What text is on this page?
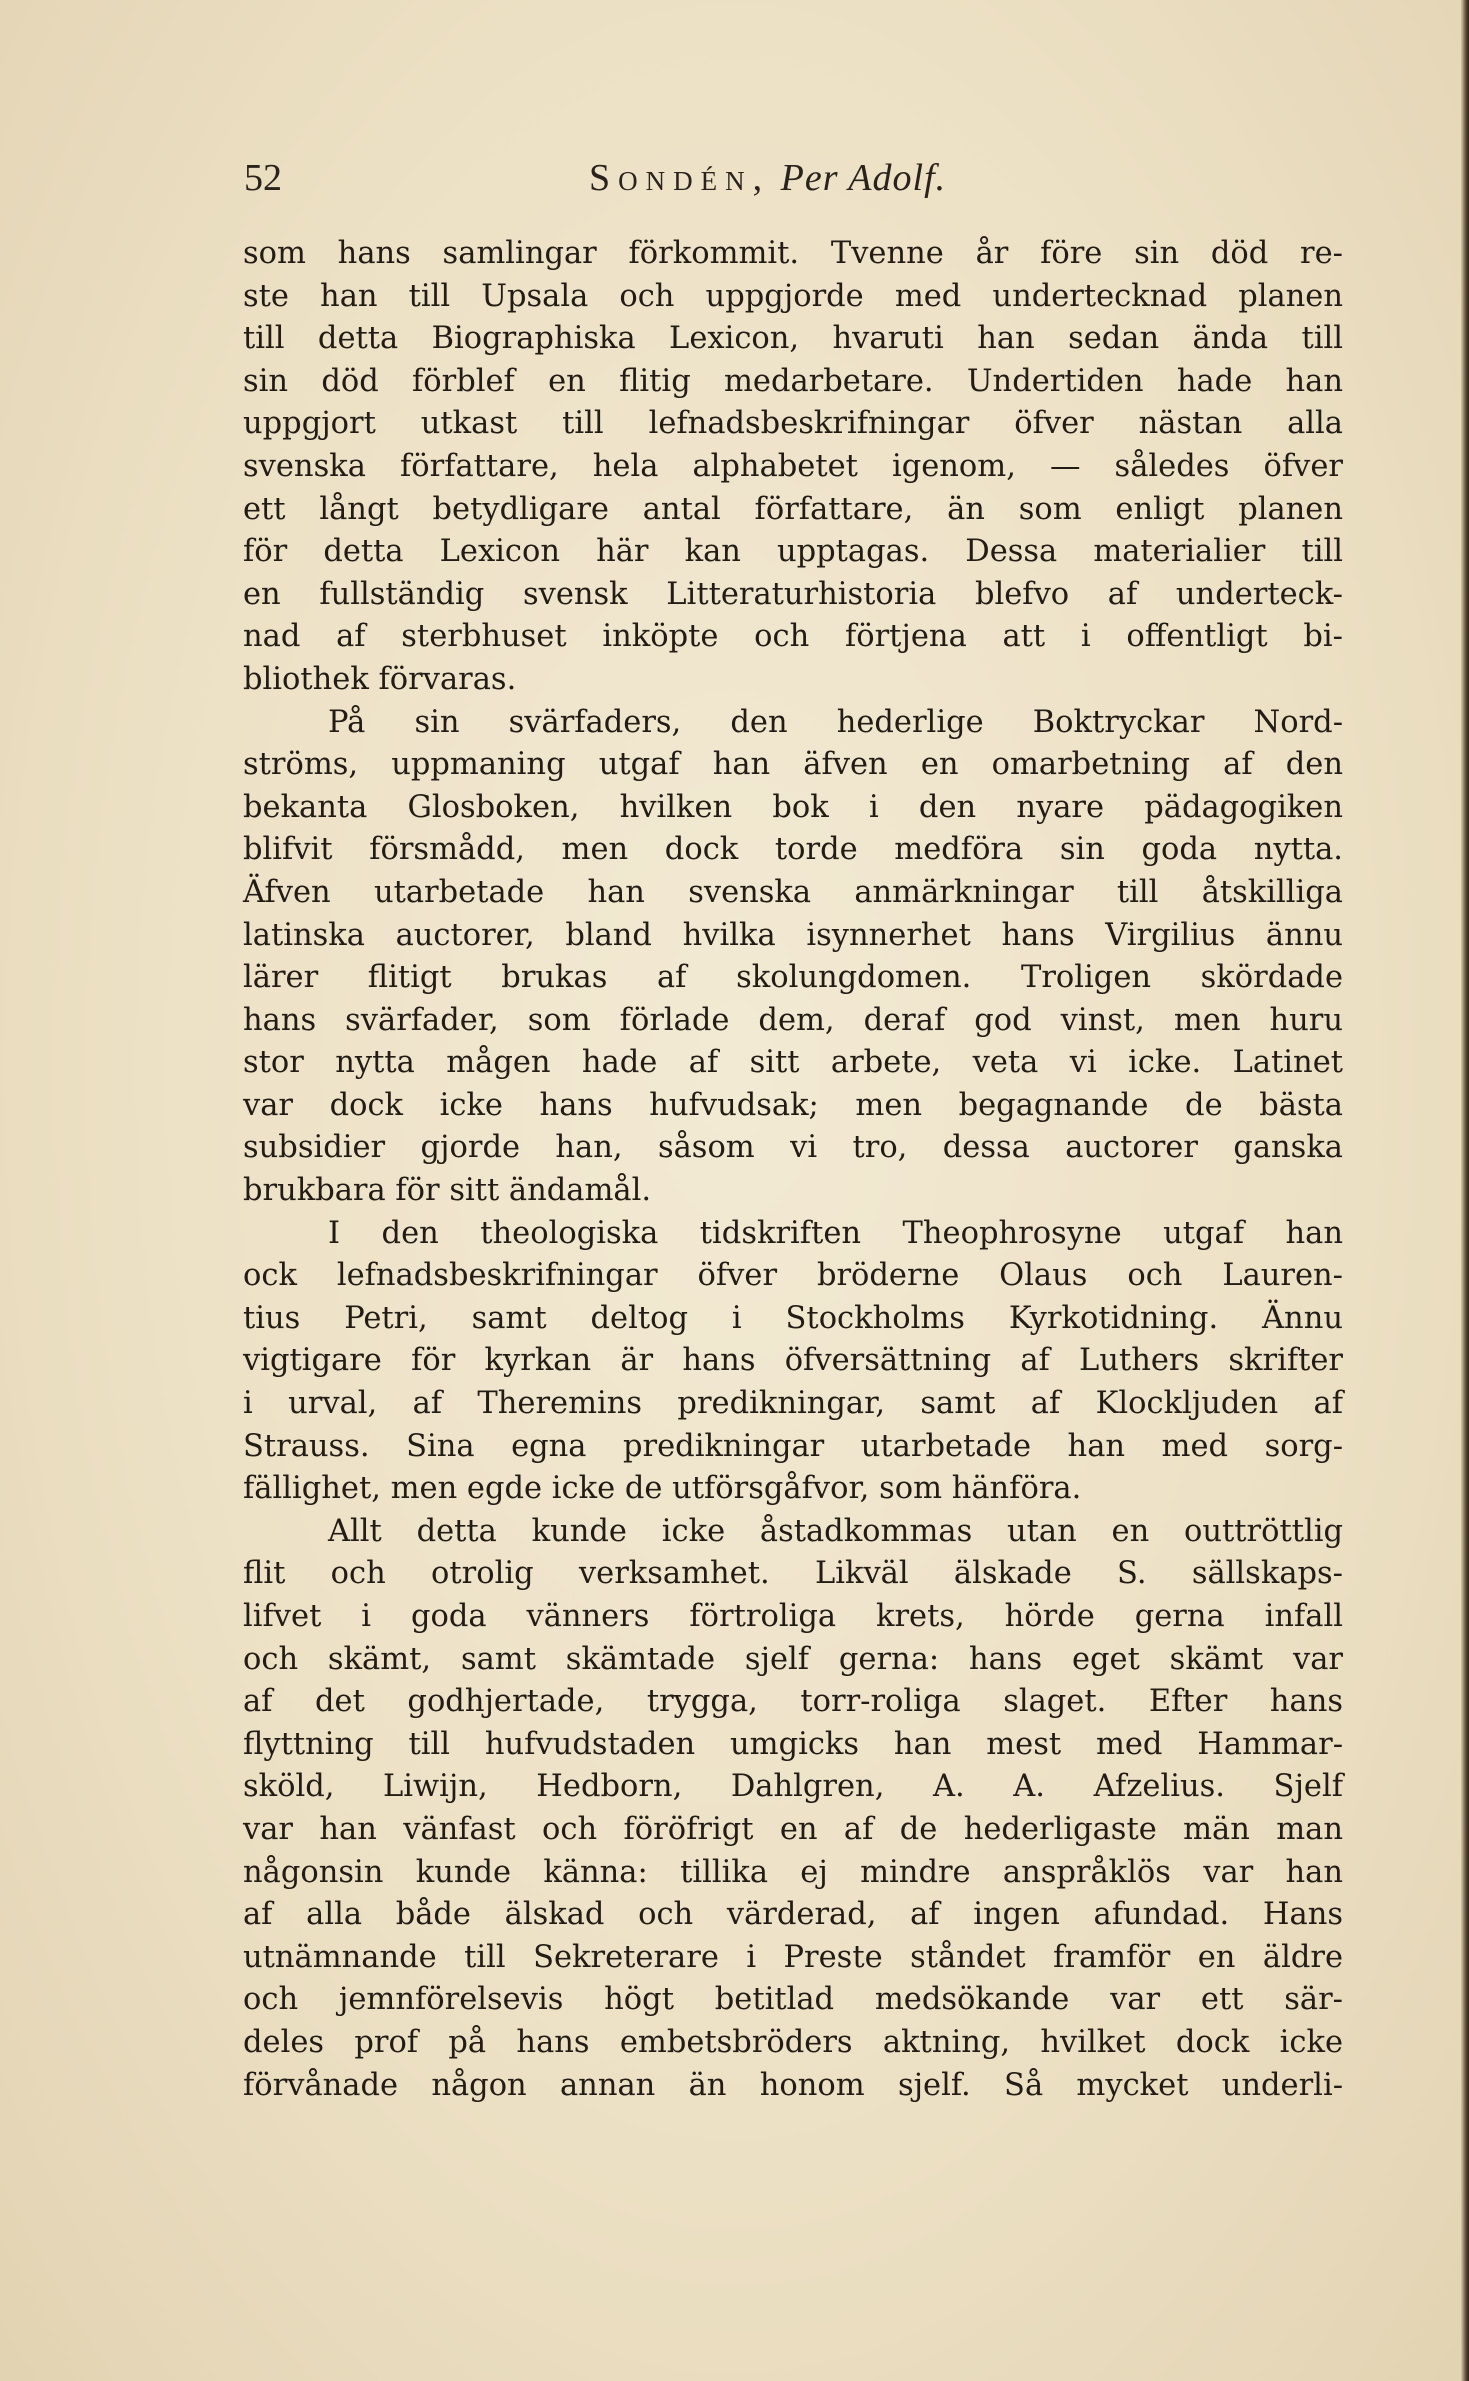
52	Sondén, Per Adolf.
som hans samlingar förkommit. Tvenne år före sin död re-
ste han till Upsala och uppgjorde med undertecknad planen
till detta Biographiska Lexicon, hvaruti han sedan ända till
sin död förblef en flitig medarbetare. Undertiden hade han
uppgjort utkast till lefnadsbeskrifningar öfver nästan alla
svenska författare, hela alphabetet igenom, — således öfver
ett långt betydligare antal författare, än som enligt planen
för detta Lexicon här kan upptagas. Dessa materialier till
en fullständig svensk Litteraturhistoria blefvo af underteck-
nad af sterbhuset inköpte och förtjena att i offentligt bi-
bliothek förvaras.
På sin svärfaders, den hederlige Boktryckar Nord-
ströms, uppmaning utgaf han äfven en omarbetning af den
bekanta Glosboken, hvilken bok i den nyare pädagogiken
blifvit försmådd, men dock torde medföra sin goda nytta.
Äfven utarbetade han svenska anmärkningar till åtskilliga
latinska auctorer, bland hvilka isynnerhet hans Virgilius ännu
lärer flitigt brukas af skolungdomen. Troligen skördade
hans svärfader, som förlade dem, deraf god vinst, men huru
stor nytta mågen hade af sitt arbete, veta vi icke. Latinet
var dock icke hans hufvudsak; men begagnande de bästa
subsidier gjorde han, såsom vi tro, dessa auctorer ganska
brukbara för sitt ändamål.
I den theologiska tidskriften Theophrosyne utgaf han
ock lefnadsbeskrifningar öfver bröderne Olaus och Lauren-
tius Petri, samt deltog i Stockholms Kyrkotidning. Ännu
vigtigare för kyrkan är hans öfversättning af Luthers skrifter
i urval, af Theremins predikningar, samt af Klockljuden af
Strauss. Sina egna predikningar utarbetade han med sorg-
fällighet, men egde icke de utförsgåfvor, som hänföra.
Allt detta kunde icke åstadkommas utan en outtröttlig
flit och otrolig verksamhet. Likväl älskade S. sällskaps-
lifvet i goda vänners förtroliga krets, hörde gerna infall
och skämt, samt skämtade sjelf gerna: hans eget skämt var
af det godhjertade, trygga, torr-roliga slaget. Efter hans
flyttning till hufvudstaden umgicks han mest med Hammar-
sköld, Liwijn, Hedborn, Dahlgren, A. A. Afzelius. Sjelf
var han vänfast och föröfrigt en af de hederligaste män man
någonsin kunde känna: tillika ej mindre anspråklös var han
af alla både älskad och värderad, af ingen afundad. Hans
utnämnande till Sekreterare i Preste ståndet framför en äldre
och jemnförelsevis högt betitlad medsökande var ett sär-
deles prof på hans embetsbröders aktning, hvilket dock icke
förvånade någon annan än honom sjelf. Så mycket underli-
